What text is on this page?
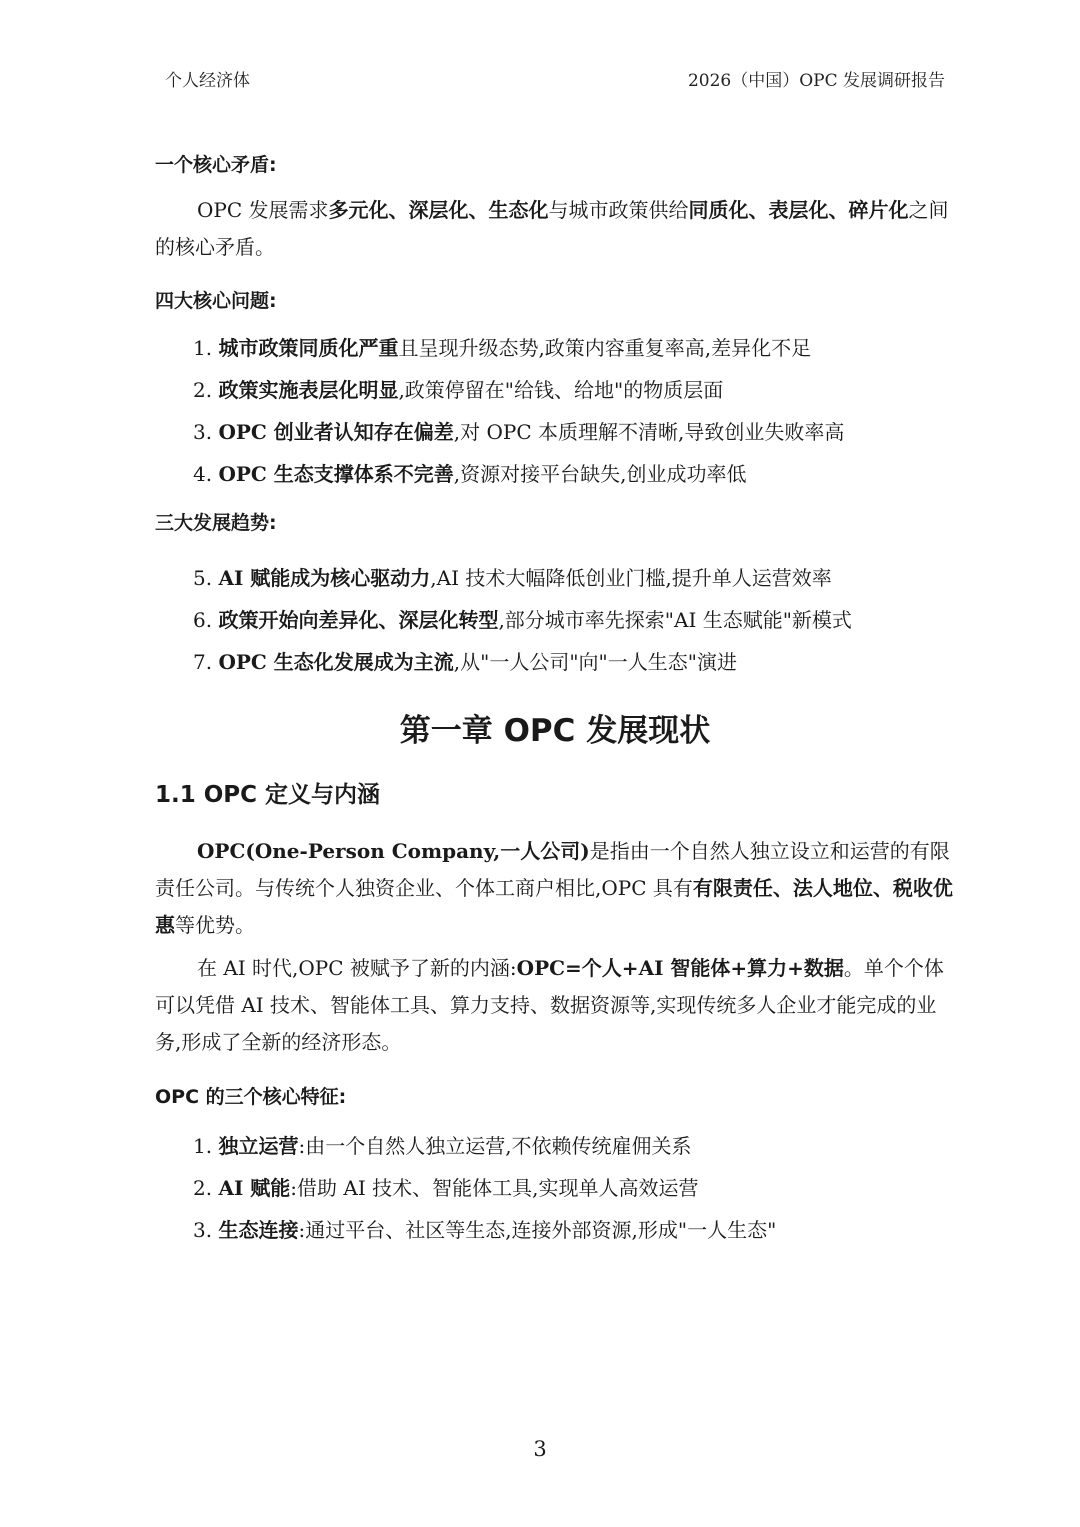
个人经济体	2026（中国）OPC 发展调研报告
一个核心矛盾:

OPC 发展需求多元化、深层化、生态化与城市政策供给同质化、表层化、碎片化之间的核心矛盾。

四大核心问题:
1. 城市政策同质化严重且呈现升级态势,政策内容重复率高,差异化不足
2. 政策实施表层化明显,政策停留在"给钱、给地"的物质层面
3. OPC 创业者认知存在偏差,对 OPC 本质理解不清晰,导致创业失败率高
4. OPC 生态支撑体系不完善,资源对接平台缺失,创业成功率低
三大发展趋势:
5. AI 赋能成为核心驱动力,AI 技术大幅降低创业门槛,提升单人运营效率
6. 政策开始向差异化、深层化转型,部分城市率先探索"AI 生态赋能"新模式
7. OPC 生态化发展成为主流,从"一人公司"向"一人生态"演进
第一章 OPC 发展现状
1.1 OPC 定义与内涵

OPC(One-Person Company,一人公司)是指由一个自然人独立设立和运营的有限责任公司。与传统个人独资企业、个体工商户相比,OPC 具有有限责任、法人地位、税收优惠等优势。

在 AI 时代,OPC 被赋予了新的内涵:OPC=个人+AI 智能体+算力+数据。单个个体可以凭借 AI 技术、智能体工具、算力支持、数据资源等,实现传统多人企业才能完成的业务,形成了全新的经济形态。

OPC 的三个核心特征:
1. 独立运营:由一个自然人独立运营,不依赖传统雇佣关系
2. AI 赋能:借助 AI 技术、智能体工具,实现单人高效运营
3. 生态连接:通过平台、社区等生态,连接外部资源,形成"一人生态"
3
